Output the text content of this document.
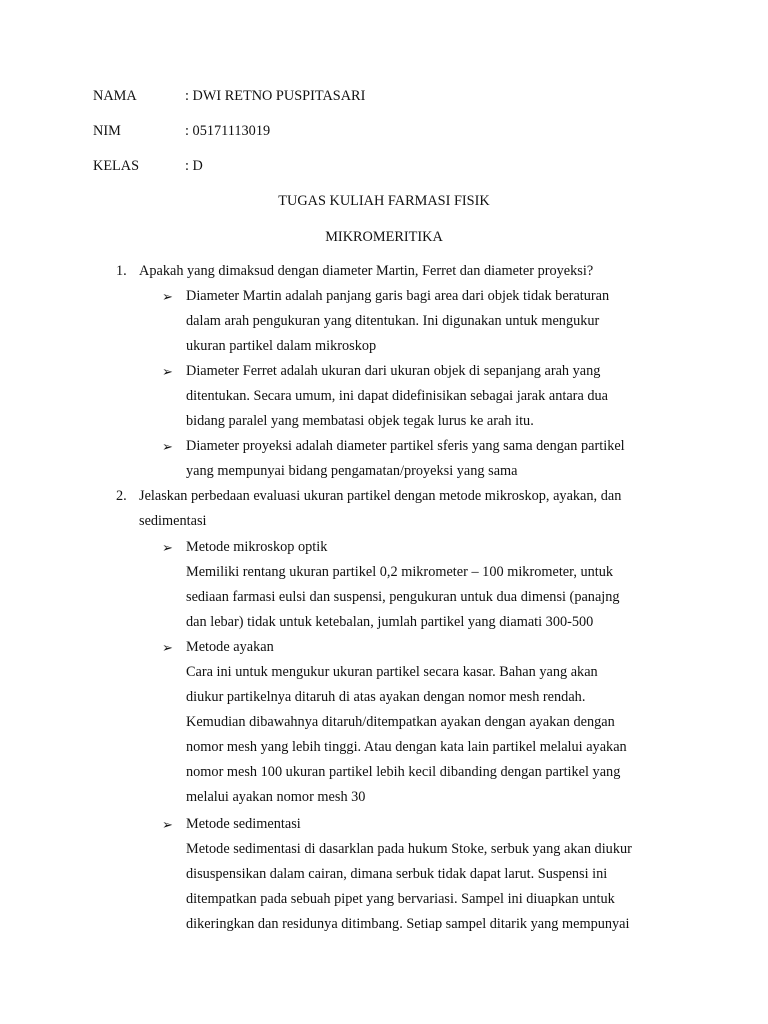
NAMA	: DWI RETNO PUSPITASARI
NIM	: 05171113019
KELAS	: D
TUGAS KULIAH FARMASI FISIK
MIKROMERITIKA
1. Apakah yang dimaksud dengan diameter Martin, Ferret dan diameter proyeksi?
➢ Diameter Martin adalah panjang garis bagi area dari objek tidak beraturan
dalam arah pengukuran yang ditentukan. Ini digunakan untuk mengukur
ukuran partikel dalam mikroskop
➢ Diameter Ferret adalah ukuran dari ukuran objek di sepanjang arah yang
ditentukan. Secara umum, ini dapat didefinisikan sebagai jarak antara dua
bidang paralel yang membatasi objek tegak lurus ke arah itu.
➢ Diameter proyeksi adalah diameter partikel sferis yang sama dengan partikel
yang mempunyai bidang pengamatan/proyeksi yang sama
2. Jelaskan perbedaan evaluasi ukuran partikel dengan metode mikroskop, ayakan, dan
sedimentasi
➢ Metode mikroskop optik
Memiliki rentang ukuran partikel 0,2 mikrometer – 100 mikrometer, untuk
sediaan farmasi eulsi dan suspensi, pengukuran untuk dua dimensi (panajng
dan lebar) tidak untuk ketebalan, jumlah partikel yang diamati 300-500
➢ Metode ayakan
Cara ini untuk mengukur ukuran partikel secara kasar. Bahan yang akan
diukur partikelnya ditaruh di atas ayakan dengan nomor mesh rendah.
Kemudian dibawahnya ditaruh/ditempatkan ayakan dengan ayakan dengan
nomor mesh yang lebih tinggi. Atau dengan kata lain partikel melalui ayakan
nomor mesh 100 ukuran partikel lebih kecil dibanding dengan partikel yang
melalui ayakan nomor mesh 30
➢ Metode sedimentasi
Metode sedimentasi di dasarklan pada hukum Stoke, serbuk yang akan diukur
disuspensikan dalam cairan, dimana serbuk tidak dapat larut. Suspensi ini
ditempatkan pada sebuah pipet yang bervariasi. Sampel ini diuapkan untuk
dikeringkan dan residunya ditimbang. Setiap sampel ditarik yang mempunyai
